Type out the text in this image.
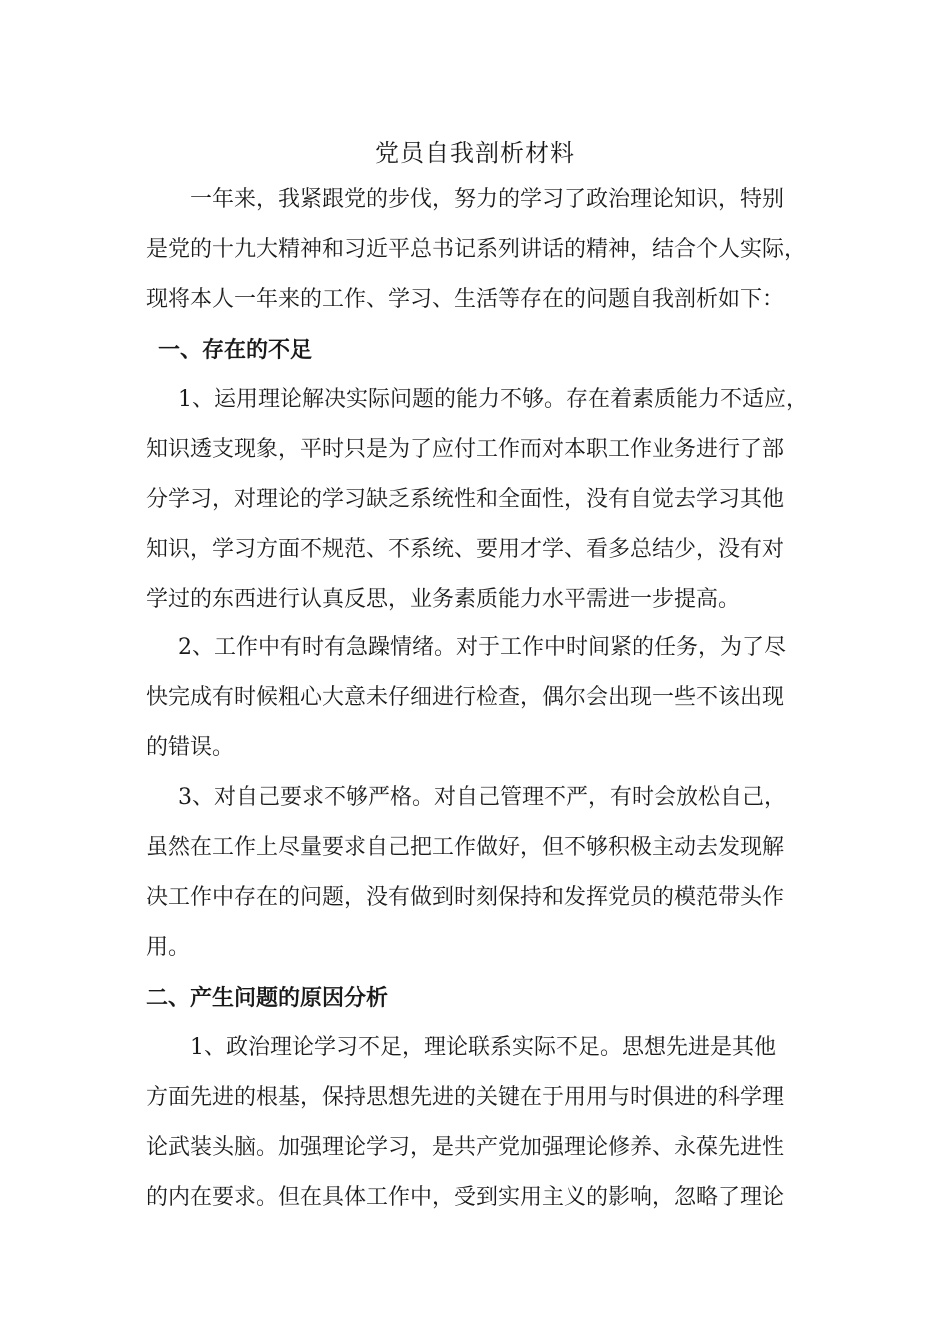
党员自我剖析材料
一年来，我紧跟党的步伐，努力的学习了政治理论知识，特别
是党的十九大精神和习近平总书记系列讲话的精神，结合个人实际，
现将本人一年来的工作、学习、生活等存在的问题自我剖析如下：
一、存在的不足
1、运用理论解决实际问题的能力不够。存在着素质能力不适应，
知识透支现象，平时只是为了应付工作而对本职工作业务进行了部
分学习，对理论的学习缺乏系统性和全面性，没有自觉去学习其他
知识，学习方面不规范、不系统、要用才学、看多总结少，没有对
学过的东西进行认真反思，业务素质能力水平需进一步提高。
2、工作中有时有急躁情绪。对于工作中时间紧的任务，为了尽
快完成有时候粗心大意未仔细进行检查，偶尔会出现一些不该出现
的错误。
3、对自己要求不够严格。对自己管理不严，有时会放松自己，
虽然在工作上尽量要求自己把工作做好，但不够积极主动去发现解
决工作中存在的问题，没有做到时刻保持和发挥党员的模范带头作
用。
二、产生问题的原因分析
1、政治理论学习不足，理论联系实际不足。思想先进是其他
方面先进的根基，保持思想先进的关键在于用用与时俱进的科学理
论武装头脑。加强理论学习，是共产党加强理论修养、永葆先进性
的内在要求。但在具体工作中，受到实用主义的影响，忽略了理论
